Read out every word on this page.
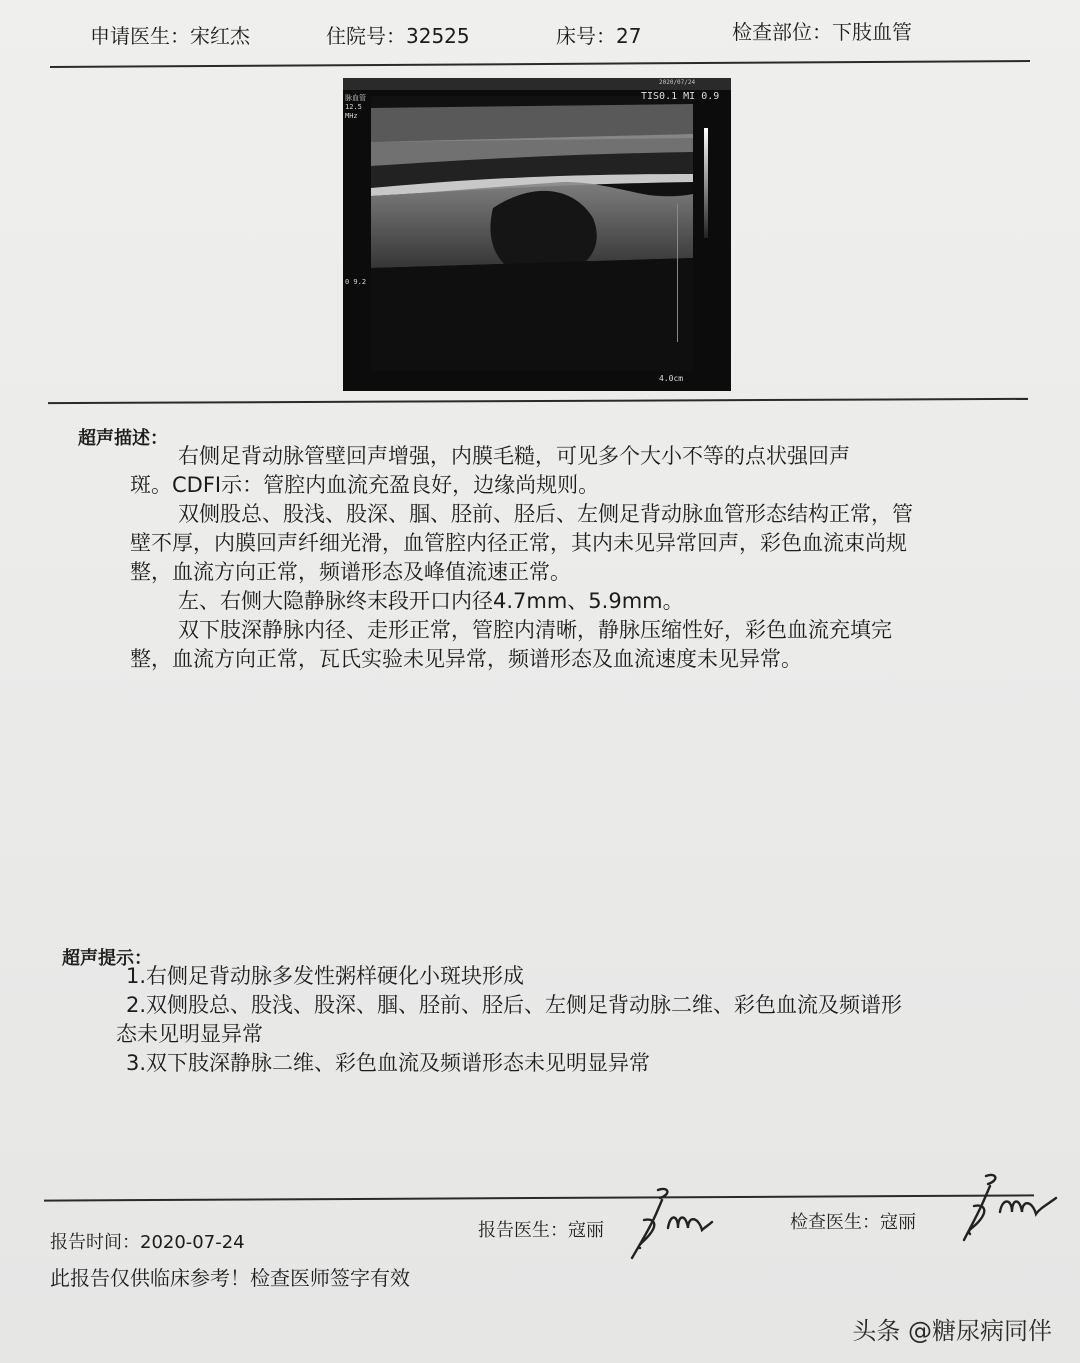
申请医生：宋红杰	住院号：32525	床号：27	检查部位：下肢血管
2020/07/24
TIS0.1 MI 0.9
脉血管
12.5
MHz
0 9.2
4.0cm
超声描述：

右侧足背动脉管壁回声增强，内膜毛糙，可见多个大小不等的点状强回声

斑。CDFI示：管腔内血流充盈良好，边缘尚规则。

双侧股总、股浅、股深、腘、胫前、胫后、左侧足背动脉血管形态结构正常，管

壁不厚，内膜回声纤细光滑，血管腔内径正常，其内未见异常回声，彩色血流束尚规

整，血流方向正常，频谱形态及峰值流速正常。

左、右侧大隐静脉终末段开口内径4.7mm、5.9mm。

双下肢深静脉内径、走形正常，管腔内清晰，静脉压缩性好，彩色血流充填完

整，血流方向正常，瓦氏实验未见异常，频谱形态及血流速度未见异常。

超声提示：

1.右侧足背动脉多发性粥样硬化小斑块形成

2.双侧股总、股浅、股深、腘、胫前、胫后、左侧足背动脉二维、彩色血流及频谱形

态未见明显异常

3.双下肢深静脉二维、彩色血流及频谱形态未见明显异常

报告时间：2020-07-24
报告医生：寇丽	检查医生：寇丽
此报告仅供临床参考！检查医师签字有效
头条 @糖尿病同伴
